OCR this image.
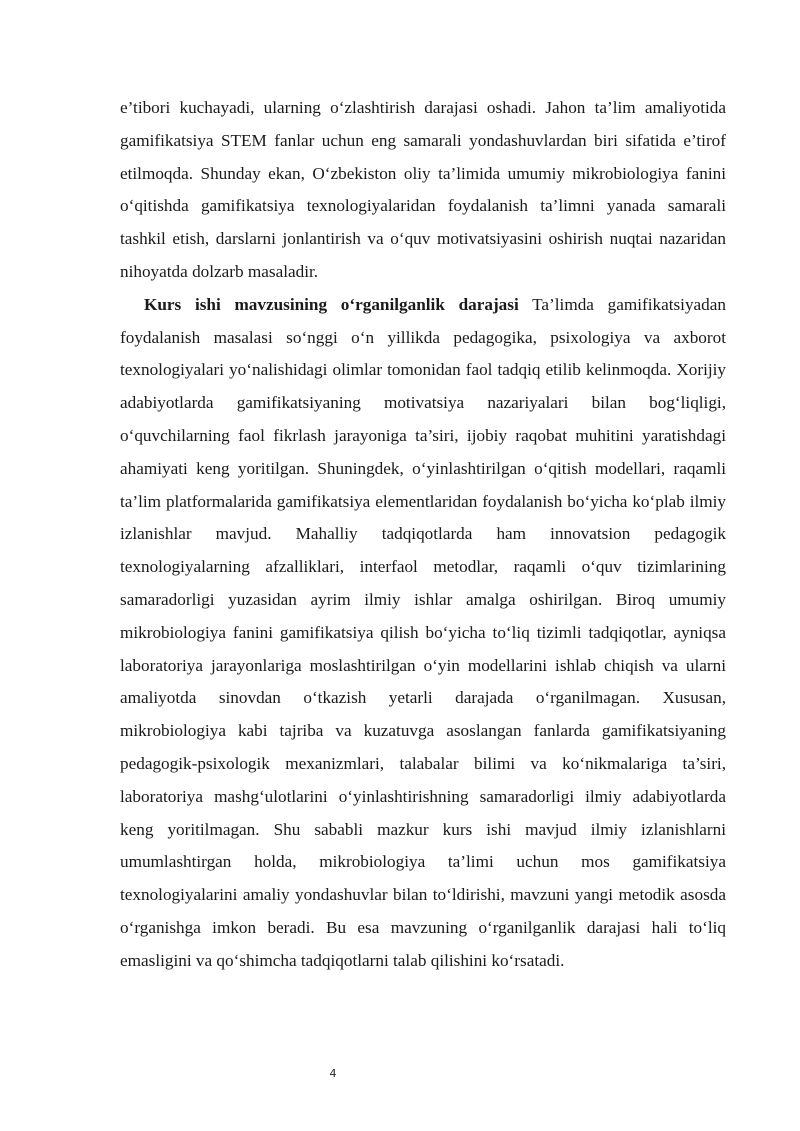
e’tibori kuchayadi, ularning o‘zlashtirish darajasi oshadi. Jahon ta’lim amaliyotida gamifikatsiya STEM fanlar uchun eng samarali yondashuvlardan biri sifatida e’tirof etilmoqda. Shunday ekan, O‘zbekiston oliy ta’limida umumiy mikrobiologiya fanini o‘qitishda gamifikatsiya texnologiyalaridan foydalanish ta’limni yanada samarali tashkil etish, darslarni jonlantirish va o‘quv motivatsiyasini oshirish nuqtai nazaridan nihoyatda dolzarb masaladir.

Kurs ishi mavzusining o‘rganilganlik darajasi Ta’limda gamifikatsiyadan foydalanish masalasi so‘nggi o‘n yillikda pedagogika, psixologiya va axborot texnologiyalari yo‘nalishidagi olimlar tomonidan faol tadqiq etilib kelinmoqda. Xorijiy adabiyotlarda gamifikatsiyaning motivatsiya nazariyalari bilan bog‘liqligi, o‘quvchilarning faol fikrlash jarayoniga ta’siri, ijobiy raqobat muhitini yaratishdagi ahamiyati keng yoritilgan. Shuningdek, o‘yinlashtirilgan o‘qitish modellari, raqamli ta’lim platformalarida gamifikatsiya elementlaridan foydalanish bo‘yicha ko‘plab ilmiy izlanishlar mavjud. Mahalliy tadqiqotlarda ham innovatsion pedagogik texnologiyalarning afzalliklari, interfaol metodlar, raqamli o‘quv tizimlarining samaradorligi yuzasidan ayrim ilmiy ishlar amalga oshirilgan. Biroq umumiy mikrobiologiya fanini gamifikatsiya qilish bo‘yicha to‘liq tizimli tadqiqotlar, ayniqsa laboratoriya jarayonlariga moslashtirilgan o‘yin modellarini ishlab chiqish va ularni amaliyotda sinovdan o‘tkazish yetarli darajada o‘rganilmagan. Xususan, mikrobiologiya kabi tajriba va kuzatuvga asoslangan fanlarda gamifikatsiyaning pedagogik-psixologik mexanizmlari, talabalar bilimi va ko‘nikmalariga ta’siri, laboratoriya mashg‘ulotlarini o‘yinlashtirishning samaradorligi ilmiy adabiyotlarda keng yoritilmagan. Shu sababli mazkur kurs ishi mavjud ilmiy izlanishlarni umumlashtirgan holda, mikrobiologiya ta’limi uchun mos gamifikatsiya texnologiyalarini amaliy yondashuvlar bilan to‘ldirishi, mavzuni yangi metodik asosda o‘rganishga imkon beradi. Bu esa mavzuning o‘rganilganlik darajasi hali to‘liq emasligini va qo‘shimcha tadqiqotlarni talab qilishini ko‘rsatadi.

4
